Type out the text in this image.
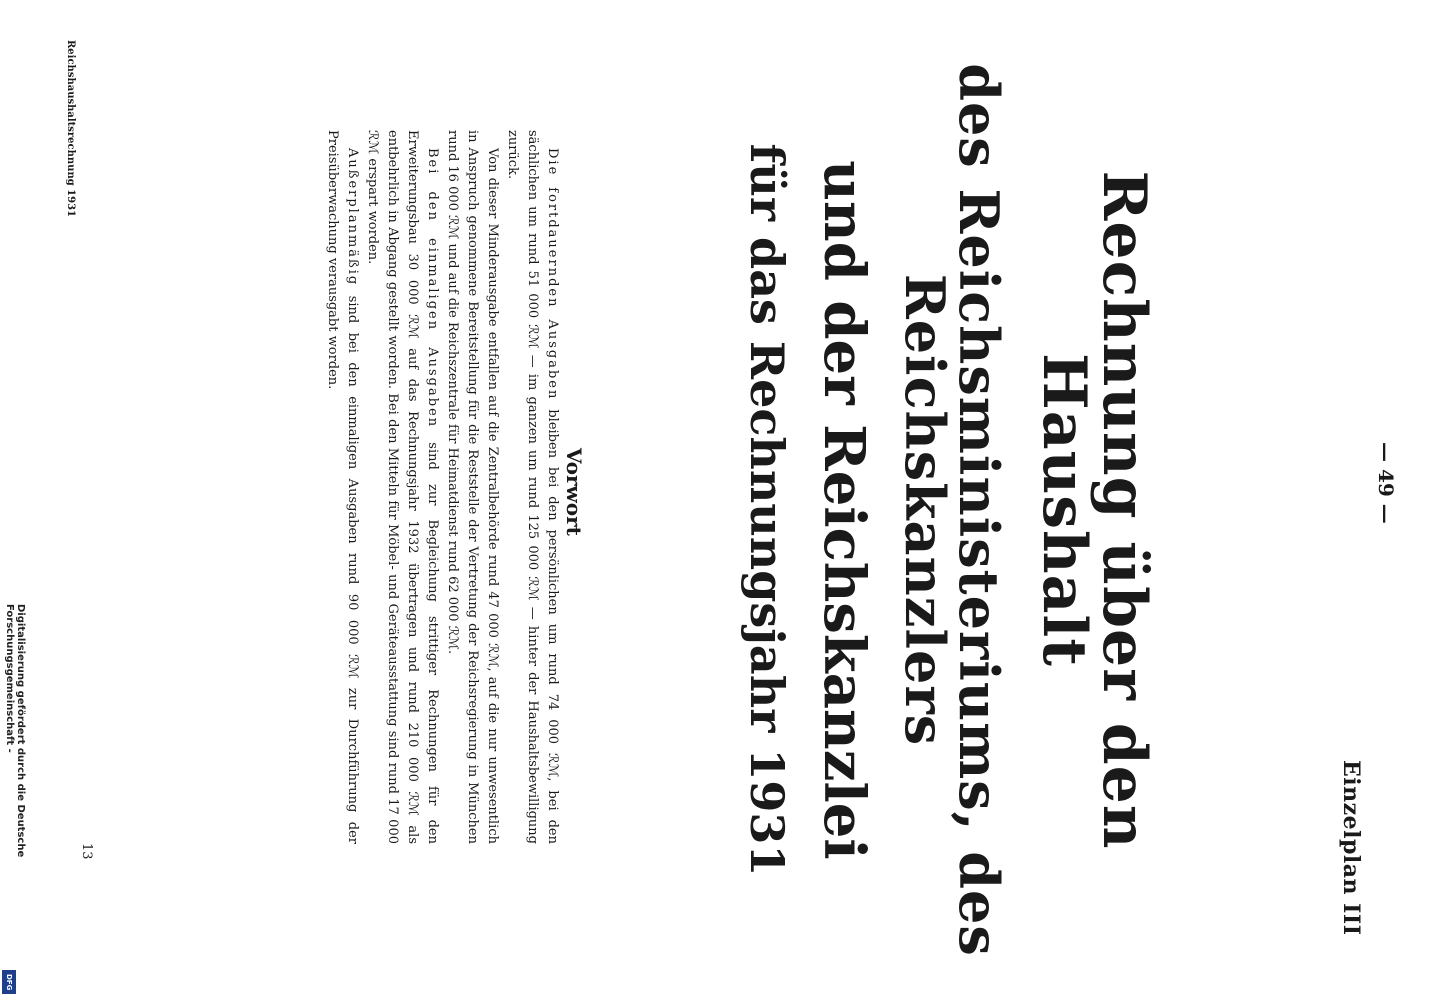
Einzelplan III
— 49 —
Rechnung über den Haushalt
des Reichsministeriums, des Reichskanzlers
und der Reichskanzlei
für das Rechnungsjahr 1931
Vorwort

Die fortdauernden Ausgaben bleiben bei den persönlichen um rund 74 000 ℛℳ, bei den sächlichen um rund 51 000 ℛℳ — im ganzen um rund 125 000 ℛℳ — hinter der Haushaltsbewilligung zurück.

Von dieser Minderausgabe entfallen auf die Zentralbehörde rund 47 000 ℛℳ, auf die nur unwesentlich in Anspruch genommene Bereitstellung für die Reststelle der Vertretung der Reichsregierung in München rund 16 000 ℛℳ und auf die Reichszentrale für Heimatdienst rund 62 000 ℛℳ.

Bei den einmaligen Ausgaben sind zur Begleichung strittiger Rechnungen für den Erweiterungsbau 30 000 ℛℳ auf das Rechnungsjahr 1932 übertragen und rund 210 000 ℛℳ als entbehrlich in Abgang gestellt worden. Bei den Mitteln für Möbel- und Geräteausstattung sind rund 17 000 ℛℳ erspart worden.

Außerplanmäßig sind bei den einmaligen Ausgaben rund 90 000 ℛℳ zur Durchführung der Preisüberwachung verausgabt worden.

Reichshaushaltsrechnung 1931
13
Digitalisierung gefördert durch die Deutsche Forschungsgemeinschaft -
DFG
